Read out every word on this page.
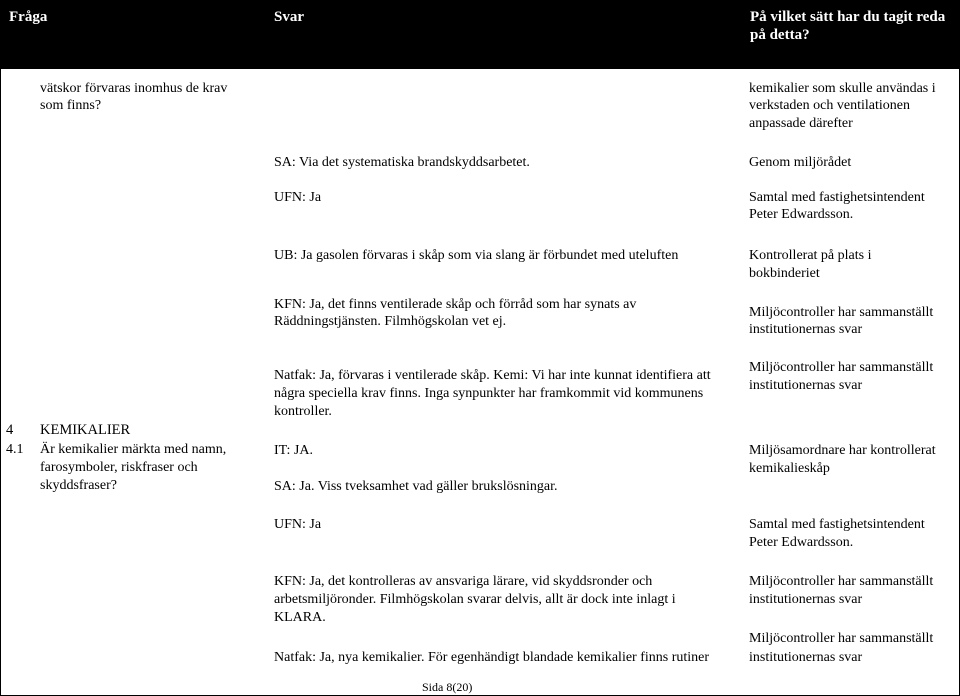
Fråga	Svar	På vilket sätt har du tagit reda
på detta?
vätskor förvaras inomhus de krav
som finns?
kemikalier som skulle användas i
verkstaden och ventilationen
anpassade därefter
SA: Via det systematiska brandskyddsarbetet.
UFN: Ja
UB: Ja gasolen förvaras i skåp som via slang är förbundet med uteluften
KFN: Ja, det finns ventilerade skåp och förråd som har synats av
Räddningstjänsten. Filmhögskolan vet ej.
Genom miljörådet
Samtal med fastighetsintendent
Peter Edwardsson.
Kontrollerat på plats i
bokbinderiet
Miljöcontroller har sammanställt
institutionernas svar
Natfak: Ja, förvaras i ventilerade skåp. Kemi: Vi har inte kunnat identifiera att
några speciella krav finns. Inga synpunkter har framkommit vid kommunens
kontroller.
Miljöcontroller har sammanställt
institutionernas svar
4 KEMIKALIER
4.1 Är kemikalier märkta med namn,
farosymboler, riskfraser och
skyddsfraser?
IT: JA.
SA: Ja. Viss tveksamhet vad gäller brukslösningar.
UFN: Ja
KFN: Ja, det kontrolleras av ansvariga lärare, vid skyddsronder och
arbetsmiljöronder. Filmhögskolan svarar delvis, allt är dock inte inlagt i
KLARA.
Natfak: Ja, nya kemikalier. För egenhändigt blandade kemikalier finns rutiner
Miljösamordnare har kontrollerat
kemikalieskåp
Samtal med fastighetsintendent
Peter Edwardsson.
Miljöcontroller har sammanställt
institutionernas svar
Miljöcontroller har sammanställt
institutionernas svar
Sida 8(20)
